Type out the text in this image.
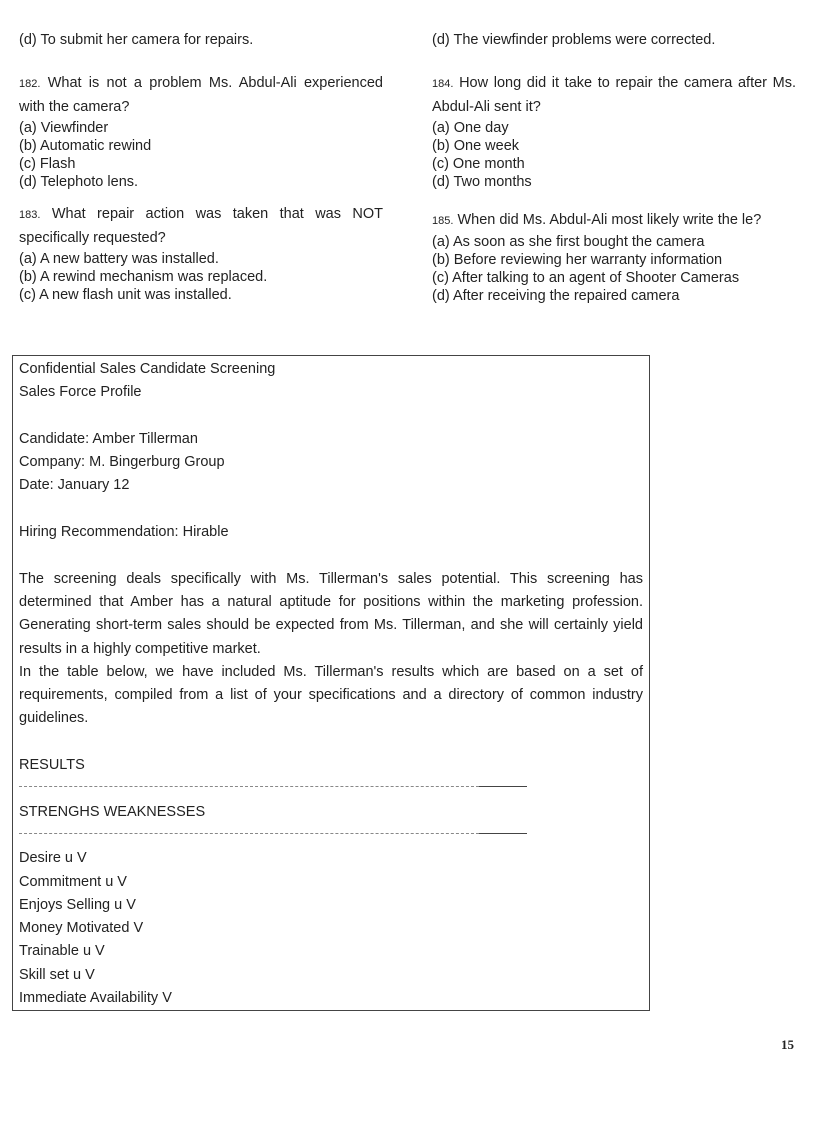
(d) To submit her camera for repairs.
182. What is not a problem Ms. Abdul-Ali experienced with the camera?
(a) Viewfinder
(b) Automatic rewind
(c) Flash
(d) Telephoto lens.
183. What repair action was taken that was NOT specifically requested?
(a) A new battery was installed.
(b) A rewind mechanism was replaced.
(c) A new flash unit was installed.
(d) The viewfinder problems were corrected.
184. How long did it take to repair the camera after Ms. Abdul-Ali sent it?
(a) One day
(b) One week
(c) One month
(d) Two months
185. When did Ms. Abdul-Ali most likely write the le?
(a) As soon as she first bought the camera
(b) Before reviewing her warranty information
(c) After talking to an agent of Shooter Cameras
(d) After receiving the repaired camera
Confidential Sales Candidate Screening
Sales Force Profile
Candidate: Amber Tillerman
Company: M. Bingerburg Group
Date: January 12
Hiring Recommendation: Hirable
The screening deals specifically with Ms. Tillerman's sales potential. This screening has determined that Amber has a natural aptitude for positions within the marketing profession. Generating short-term sales should be expected from Ms. Tillerman, and she will certainly yield results in a highly competitive market.
In the table below, we have included Ms. Tillerman's results which are based on a set of requirements, compiled from a list of your specifications and a directory of common industry guidelines.
RESULTS
STRENGHS WEAKNESSES
Desire u V
Commitment u V
Enjoys Selling u V
Money Motivated V
Trainable u V
Skill set u V
Immediate Availability V
15
